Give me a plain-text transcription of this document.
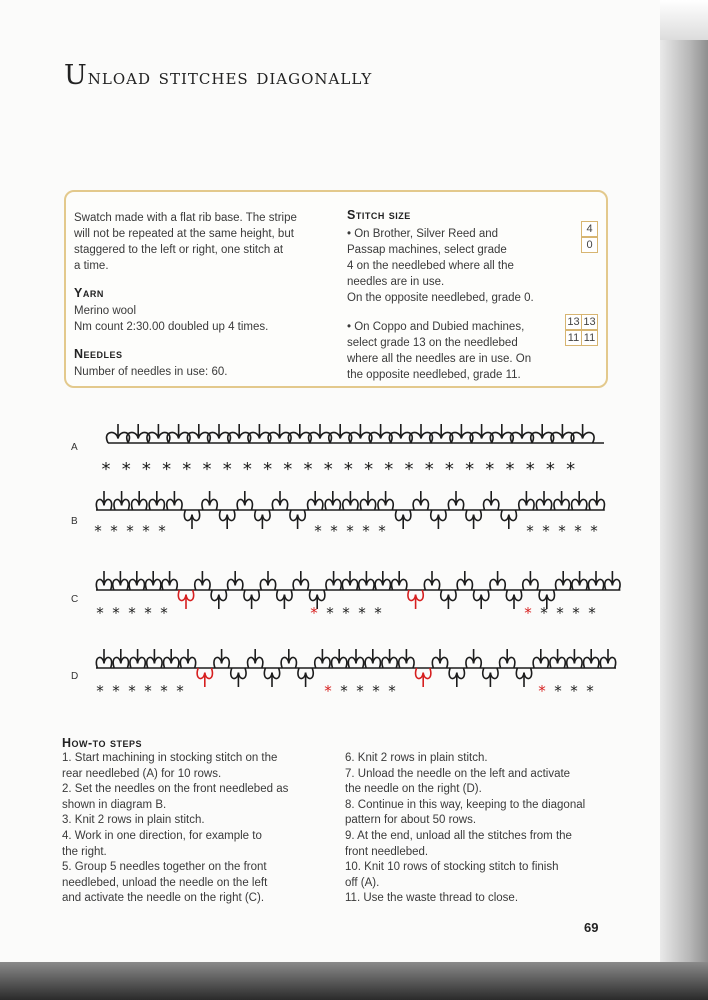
Unload stitches diagonally
Swatch made with a flat rib base. The stripe
will not be repeated at the same height, but
staggered to the left or right, one stitch at
a time.
Yarn
Merino wool
Nm count 2:30.00 doubled up 4 times.
Needles
Number of needles in use: 60.
Stitch size
• On Brother, Silver Reed and
Passap machines, select grade
4 on the needlebed where all the
needles are in use.
On the opposite needlebed, grade 0.
4
0
• On Coppo and Dubied machines,
select grade 13 on the needlebed
where all the needles are in use. On
the opposite needlebed, grade 11.
13 13
11 11
A
B
C
D
* * * * * * * * * * * * * * * * * * * * * * * *
* * * * *	* * * * *	* * * * *
* * * * *	* * * * *	* * * * *
* * * * * *	* * * * *	* * * *
How-to steps
1. Start machining in stocking stitch on the
rear needlebed (A) for 10 rows.
2. Set the needles on the front needlebed as
shown in diagram B.
3. Knit 2 rows in plain stitch.
4. Work in one direction, for example to
the right.
5. Group 5 needles together on the front
needlebed, unload the needle on the left
and activate the needle on the right (C).
6. Knit 2 rows in plain stitch.
7. Unload the needle on the left and activate
the needle on the right (D).
8. Continue in this way, keeping to the diagonal
pattern for about 50 rows.
9. At the end, unload all the stitches from the
front needlebed.
10. Knit 10 rows of stocking stitch to finish
off (A).
11. Use the waste thread to close.
69
